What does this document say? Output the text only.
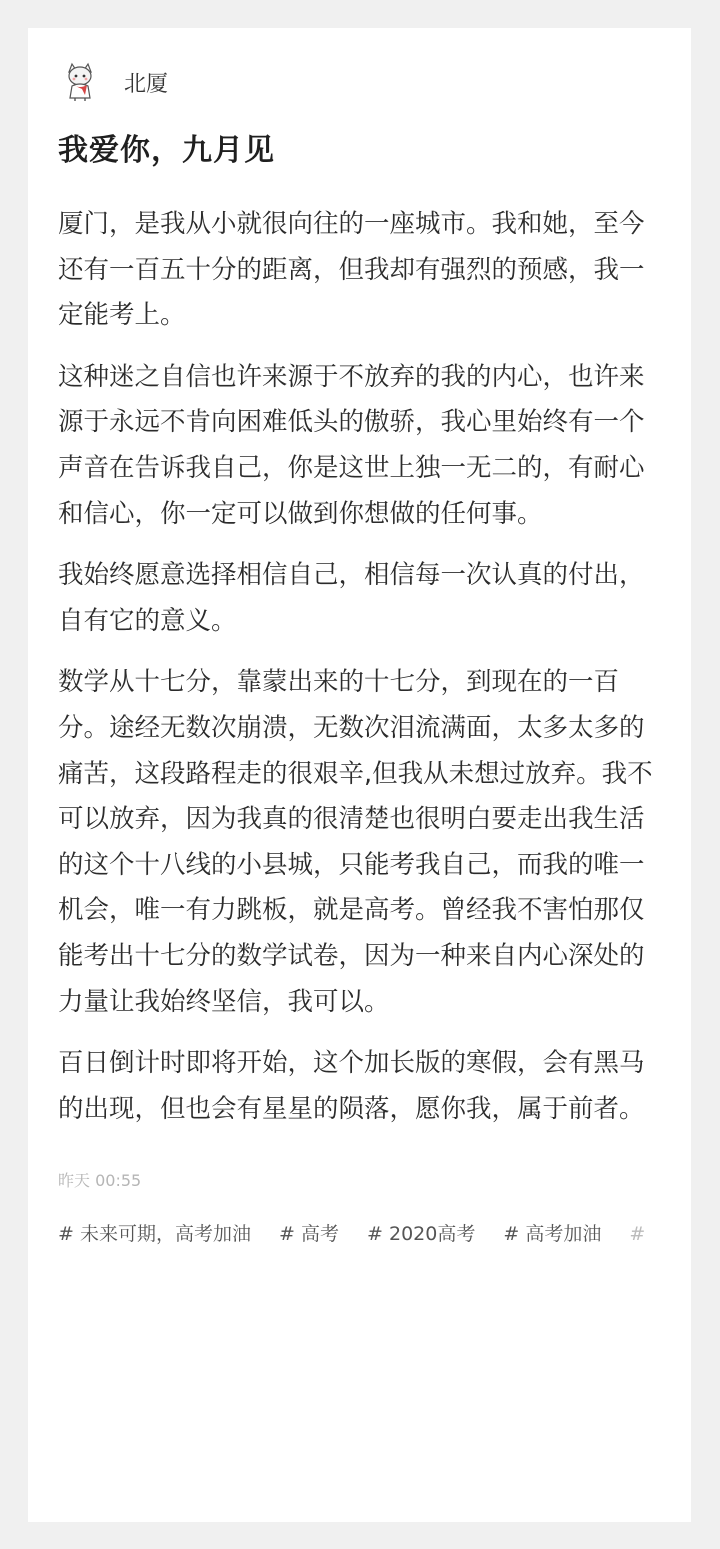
北厦
我爱你，九月见

厦门，是我从小就很向往的一座城市。我和她，至今还有一百五十分的距离，但我却有强烈的预感，我一定能考上。

这种迷之自信也许来源于不放弃的我的内心，也许来源于永远不肯向困难低头的傲骄，我心里始终有一个声音在告诉我自己，你是这世上独一无二的，有耐心和信心，你一定可以做到你想做的任何事。

我始终愿意选择相信自己，相信每一次认真的付出，自有它的意义。

数学从十七分，靠蒙出来的十七分，到现在的一百分。途经无数次崩溃，无数次泪流满面，太多太多的痛苦，这段路程走的很艰辛,但我从未想过放弃。我不可以放弃，因为我真的很清楚也很明白要走出我生活的这个十八线的小县城，只能考我自己，而我的唯一机会，唯一有力跳板，就是高考。曾经我不害怕那仅能考出十七分的数学试卷，因为一种来自内心深处的力量让我始终坚信，我可以。

百日倒计时即将开始，这个加长版的寒假，会有黑马的出现，但也会有星星的陨落，愿你我，属于前者。

昨天 00:55
# 未来可期，高考加油 # 高考 # 2020高考 # 高考加油 #
